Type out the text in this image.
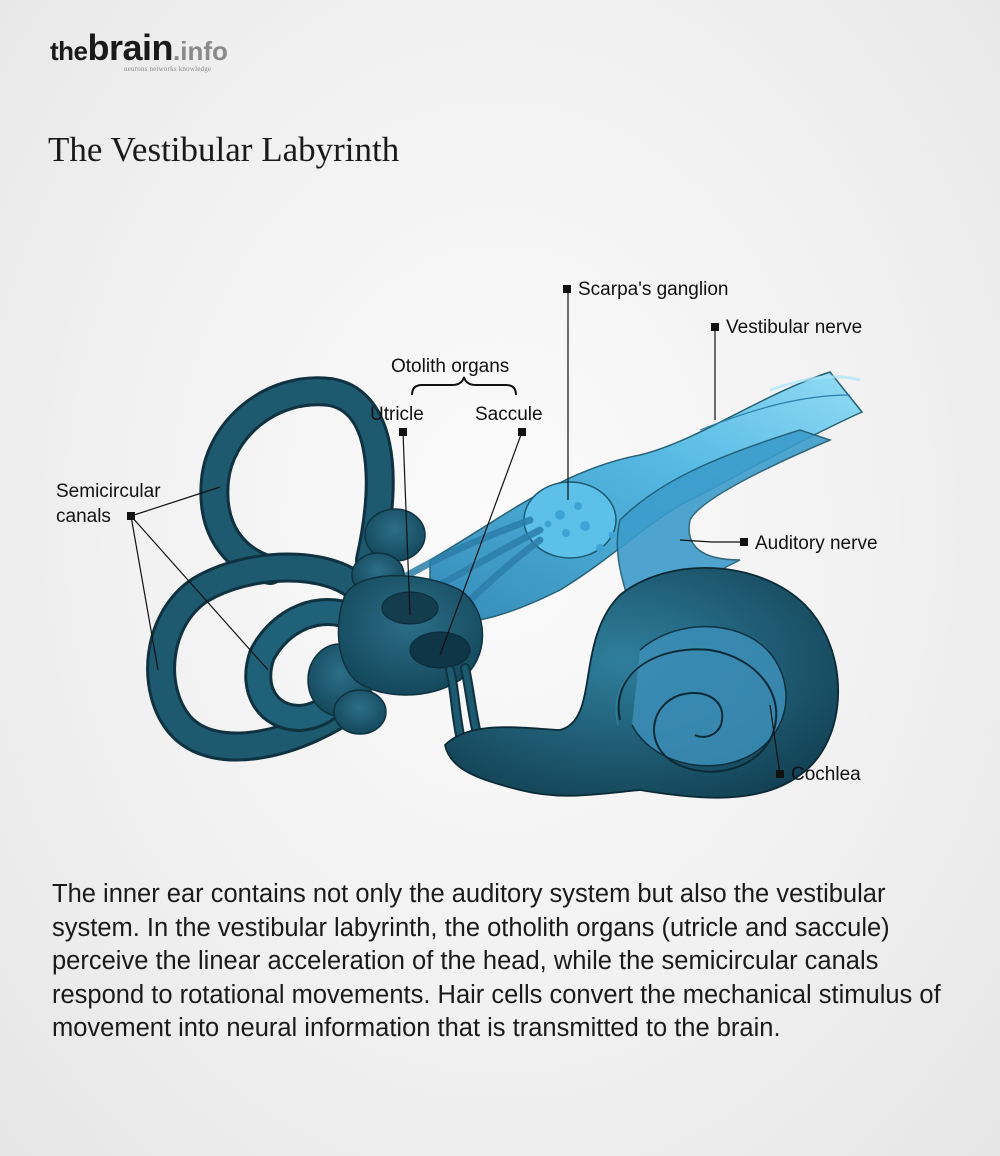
thebrain.info
neurons networks knowledge
The Vestibular Labyrinth
Scarpa's ganglion
Vestibular nerve
Otolith organs
Utricle	Saccule
Semicircular
canals
Auditory nerve
Cochlea

The inner ear contains not only the auditory system but also the vestibular system. In the vestibular labyrinth, the otholith organs (utricle and saccule) perceive the linear acceleration of the head, while the semicircular canals respond to rotational movements. Hair cells convert the mechanical stimulus of movement into neural information that is transmitted to the brain.
